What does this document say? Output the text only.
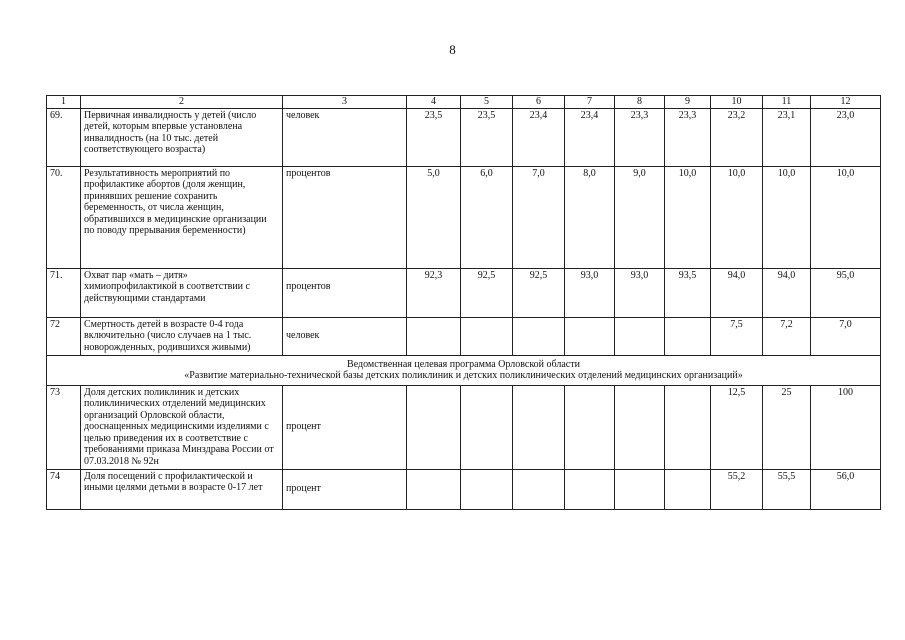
8
1	2	3	4	5	6	7	8	9	10	11	12
69.	Первичная инвалидность у детей (число детей, которым впервые установлена инвалидность (на 10 тыс. детей соответствующего возраста)	человек	23,5	23,5	23,4	23,4	23,3	23,3	23,2	23,1	23,0
70.	Результативность мероприятий по профилактике абортов (доля женщин, принявших решение сохранить беременность, от числа женщин, обратившихся в медицинские организации по поводу прерывания беременности)	процентов	5,0	6,0	7,0	8,0	9,0	10,0	10,0	10,0	10,0
71.	Охват пар «мать – дитя» химиопрофилактикой в соответствии с действующими стандартами	процентов	92,3	92,5	92,5	93,0	93,0	93,5	94,0	94,0	95,0
72	Смертность детей в возрасте 0-4 года включительно (число случаев на 1 тыс. новорожденных, родившихся живыми)	человек							7,5	7,2	7,0

Ведомственная целевая программа Орловской области
«Развитие материально-технической базы детских поликлиник и детских поликлинических отделений медицинских организаций»											

73	Доля детских поликлиник и детских поликлинических отделений медицинских организаций Орловской области, дооснащенных медицинскими изделиями с целью приведения их в соответствие с требованиями приказа Минздрава России от 07.03.2018 № 92н	процент							12,5	25	100
74	Доля посещений с профилактической и иными целями детьми в возрасте 0-17 лет	процент							55,2	55,5	56,0
